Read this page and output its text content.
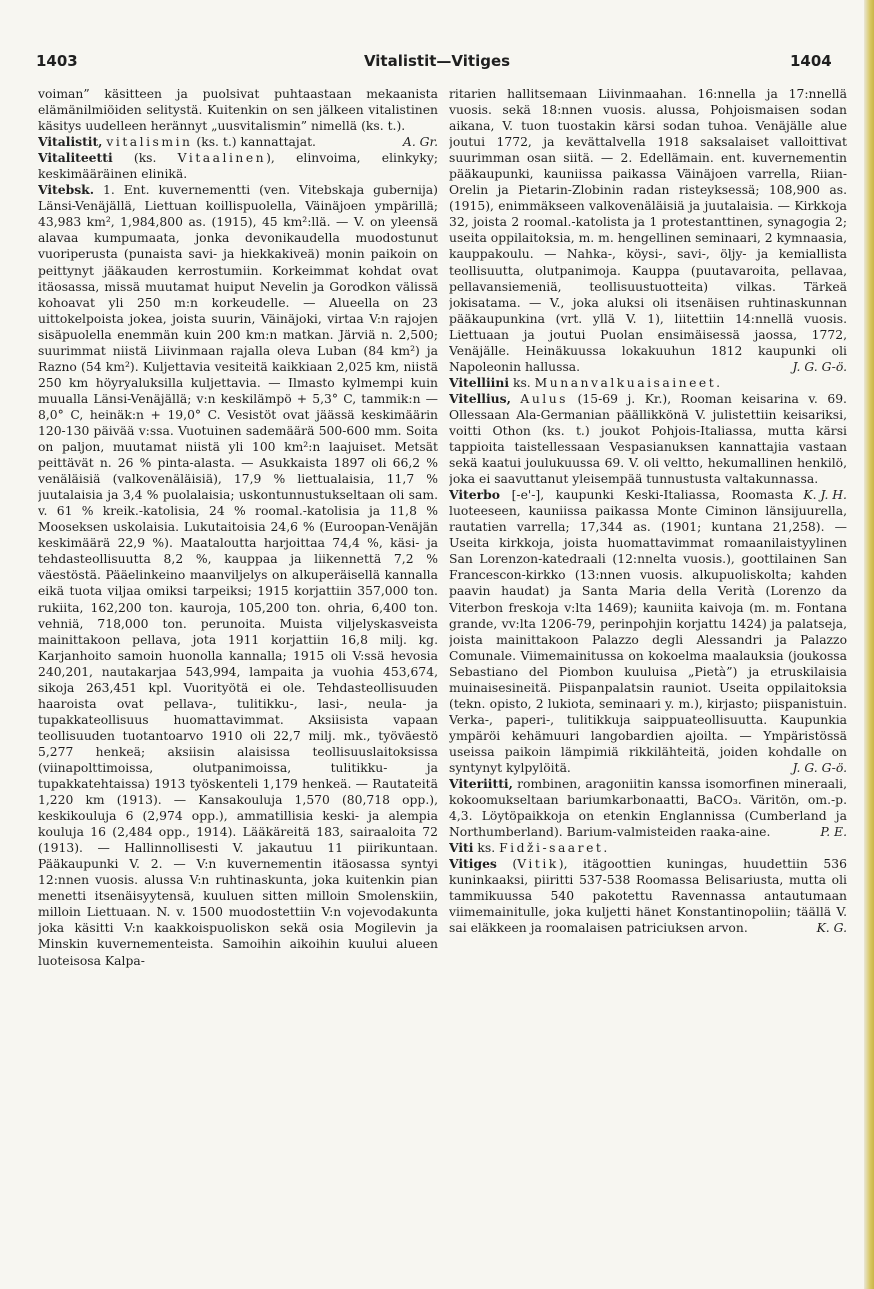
1403	Vitalistit—Vitiges	1404

voiman” käsitteen ja puolsivat puhtaastaan mekaanista elämänilmiöiden selitystä. Kuitenkin on sen jälkeen vitalistinen käsitys uudelleen herännyt „uusvitalismin” nimellä (ks. t.).
A. Gr.

Vitalistit, vitalismin (ks. t.) kannattajat.

Vitaliteetti (ks. Vitaalinen), elinvoima, elinkyky; keskimääräinen elinikä.

Vitebsk. 1. Ent. kuvernementti (ven. Vitebskaja gubernija) Länsi-Venäjällä, Liettuan koillispuolella, Väinäjoen ympärillä; 43,983 km², 1,984,800 as. (1915), 45 km²:llä. — V. on yleensä alavaa kumpumaata, jonka devonikaudella muodostunut vuoriperusta (punaista savi- ja hiekkakiveä) monin paikoin on peittynyt jääkauden kerrostumiin. Korkeimmat kohdat ovat itäosassa, missä muutamat huiput Nevelin ja Gorodkon välissä kohoavat yli 250 m:n korkeudelle. — Alueella on 23 uittokelpoista jokea, joista suurin, Väinäjoki, virtaa V:n rajojen sisäpuolella enemmän kuin 200 km:n matkan. Järviä n. 2,500; suurimmat niistä Liivinmaan rajalla oleva Luban (84 km²) ja Razno (54 km²). Kuljettavia vesiteitä kaikkiaan 2,025 km, niistä 250 km höyryaluksilla kuljettavia. — Ilmasto kylmempi kuin muualla Länsi-Venäjällä; v:n keskilämpö + 5,3° C, tammik:n — 8,0° C, heinäk:n + 19,0° C. Vesistöt ovat jäässä keskimäärin 120-130 päivää v:ssa. Vuotuinen sademäärä 500-600 mm. Soita on paljon, muutamat niistä yli 100 km²:n laajuiset. Metsät peittävät n. 26 % pinta-alasta. — Asukkaista 1897 oli 66,2 % venäläisiä (valkovenäläisiä), 17,9 % liettualaisia, 11,7 % juutalaisia ja 3,4 % puolalaisia; uskontunnustukseltaan oli sam. v. 61 % kreik.-katolisia, 24 % roomal.-katolisia ja 11,8 % Mooseksen uskolaisia. Lukutaitoisia 24,6 % (Euroopan-Venäjän keskimäärä 22,9 %). Maataloutta harjoittaa 74,4 %, käsi- ja tehdasteollisuutta 8,2 %, kauppaa ja liikennettä 7,2 % väestöstä. Pääelinkeino maanviljelys on alkuperäisellä kannalla eikä tuota viljaa omiksi tarpeiksi; 1915 korjattiin 357,000 ton. rukiita, 162,200 ton. kauroja, 105,200 ton. ohria, 6,400 ton. vehniä, 718,000 ton. perunoita. Muista viljelyskasveista mainittakoon pellava, jota 1911 korjattiin 16,8 milj. kg. Karjanhoito samoin huonolla kannalla; 1915 oli V:ssä hevosia 240,201, nautakarjaa 543,994, lampaita ja vuohia 453,674, sikoja 263,451 kpl. Vuorityötä ei ole. Tehdasteollisuuden haaroista ovat pellava-, tulitikku-, lasi-, neula- ja tupakkateollisuus huomattavimmat. Aksiisista vapaan teollisuuden tuotantoarvo 1910 oli 22,7 milj. mk., työväestö 5,277 henkeä; aksiisin alaisissa teollisuuslaitoksissa (viinapolttimoissa, olutpanimoissa, tulitikku- ja tupakkatehtaissa) 1913 työskenteli 1,179 henkeä. — Rautateitä 1,220 km (1913). — Kansakouluja 1,570 (80,718 opp.), keskikouluja 6 (2,974 opp.), ammatillisia keski- ja alempia kouluja 16 (2,484 opp., 1914). Lääkäreitä 183, sairaaloita 72 (1913). — Hallinnollisesti V. jakautuu 11 piirikuntaan. Pääkaupunki V. 2. — V:n kuvernementin itäosassa syntyi 12:nnen vuosis. alussa V:n ruhtinaskunta, joka kuitenkin pian menetti itsenäisyytensä, kuuluen sitten milloin Smolenskiin, milloin Liettuaan. N. v. 1500 muodostettiin V:n vojevodakunta joka käsitti V:n kaakkoispuoliskon sekä osia Mogilevin ja Minskin kuvernementeista. Samoihin aikoihin kuului alueen luoteisosa Kalpa-

ritarien hallitsemaan Liivinmaahan. 16:nnella ja 17:nnellä vuosis. sekä 18:nnen vuosis. alussa, Pohjoismaisen sodan aikana, V. tuon tuostakin kärsi sodan tuhoa. Venäjälle alue joutui 1772, ja kevättalvella 1918 saksalaiset valloittivat suurimman osan siitä. — 2. Edellämain. ent. kuvernementin pääkaupunki, kauniissa paikassa Väinäjoen varrella, Riian-Orelin ja Pietarin-Zlobinin radan risteyksessä; 108,900 as. (1915), enimmäkseen valkovenäläisiä ja juutalaisia. — Kirkkoja 32, joista 2 roomal.-katolista ja 1 protestanttinen, synagogia 2; useita oppilaitoksia, m. m. hengellinen seminaari, 2 kymnaasia, kauppakoulu. — Nahka-, köysi-, savi-, öljy- ja kemiallista teollisuutta, olutpanimoja. Kauppa (puutavaroita, pellavaa, pellavansiemeniä, teollisuustuotteita) vilkas. Tärkeä jokisatama. — V., joka aluksi oli itsenäisen ruhtinaskunnan pääkaupunkina (vrt. yllä V. 1), liitettiin 14:nnellä vuosis. Liettuaan ja joutui Puolan ensimäisessä jaossa, 1772, Venäjälle. Heinäkuussa lokakuuhun 1812 kaupunki oli Napoleonin hallussa.	J. G. G-ö.

Vitelliini ks. Munanvalkuaisaineet.

Vitellius, Aulus (15-69 j. Kr.), Rooman keisarina v. 69. Ollessaan Ala-Germanian päällikkönä V. julistettiin keisariksi, voitti Othon (ks. t.) joukot Pohjois-Italiassa, mutta kärsi tappioita taistellessaan Vespasianuksen kannattajia vastaan sekä kaatui joulukuussa 69. V. oli veltto, hekumallinen henkilö, joka ei saavuttanut yleisempää tunnustusta valtakunnassa.
K. J. H.

Viterbo [-e'-], kaupunki Keski-Italiassa, Roomasta luoteeseen, kauniissa paikassa Monte Ciminon länsijuurella, rautatien varrella; 17,344 as. (1901; kuntana 21,258). — Useita kirkkoja, joista huomattavimmat romaanilaistyylinen San Lorenzon-katedraali (12:nnelta vuosis.), goottilainen San Francescon-kirkko (13:nnen vuosis. alkupuoliskolta; kahden paavin haudat) ja Santa Maria della Verità (Lorenzo da Viterbon freskoja v:lta 1469); kauniita kaivoja (m. m. Fontana grande, vv:lta 1206-79, perinpohjin korjattu 1424) ja palatseja, joista mainittakoon Palazzo degli Alessandri ja Palazzo Comunale. Viimemainitussa on kokoelma maalauksia (joukossa Sebastiano del Piombon kuuluisa „Pietà”) ja etruskilaisia muinaisesineitä. Piispanpalatsin rauniot. Useita oppilaitoksia (tekn. opisto, 2 lukiota, seminaari y. m.), kirjasto; piispanistuin. Verka-, paperi-, tulitikkuja saippuateollisuutta. Kaupunkia ympäröi kehämuuri langobardien ajoilta. — Ympäristössä useissa paikoin lämpimiä rikkilähteitä, joiden kohdalle on syntynyt kylpylöitä.	J. G. G-ö.

Viteriitti, rombinen, aragoniitin kanssa isomorfinen mineraali, kokoomukseltaan bariumkarbonaatti, BaCO₃. Väritön, om.-p. 4,3. Löytöpaikkoja on etenkin Englannissa (Cumberland ja Northumberland). Barium-valmisteiden raaka-aine.	P. E.

Viti ks. Fidži-saaret.

Vitiges (Vitik), itägoottien kuningas, huudettiin 536 kuninkaaksi, piiritti 537-538 Roomassa Belisariusta, mutta oli tammikuussa 540 pakotettu Ravennassa antautumaan viimemainitulle, joka kuljetti hänet Konstantinopoliin; täällä V. sai eläkkeen ja roomalaisen patriciuksen arvon.	K. G.
